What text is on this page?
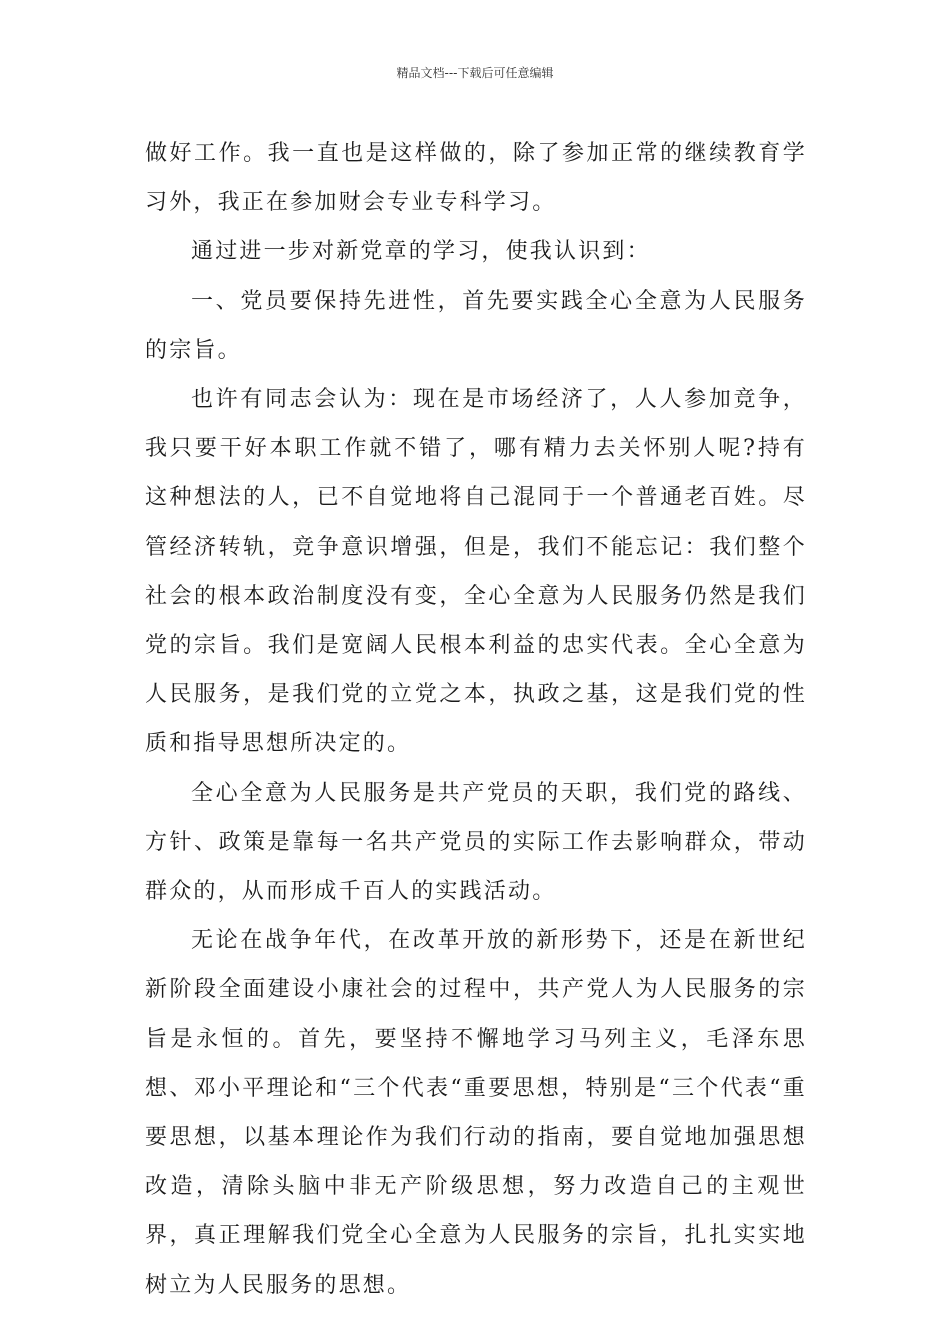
精品文档---下载后可任意编辑

做好工作。我一直也是这样做的，除了参加正常的继续教育学习外，我正在参加财会专业专科学习。

通过进一步对新党章的学习，使我认识到：

一、党员要保持先进性，首先要实践全心全意为人民服务的宗旨。

也许有同志会认为：现在是市场经济了，人人参加竞争，我只要干好本职工作就不错了，哪有精力去关怀别人呢?持有这种想法的人，已不自觉地将自己混同于一个普通老百姓。尽管经济转轨，竞争意识增强，但是，我们不能忘记：我们整个社会的根本政治制度没有变，全心全意为人民服务仍然是我们党的宗旨。我们是宽阔人民根本利益的忠实代表。全心全意为人民服务，是我们党的立党之本，执政之基，这是我们党的性质和指导思想所决定的。

全心全意为人民服务是共产党员的天职，我们党的路线、方针、政策是靠每一名共产党员的实际工作去影响群众，带动群众的，从而形成千百人的实践活动。

无论在战争年代，在改革开放的新形势下，还是在新世纪新阶段全面建设小康社会的过程中，共产党人为人民服务的宗旨是永恒的。首先，要坚持不懈地学习马列主义，毛泽东思想、邓小平理论和“三个代表“重要思想，特别是“三个代表“重要思想，以基本理论作为我们行动的指南，要自觉地加强思想改造，清除头脑中非无产阶级思想，努力改造自己的主观世界，真正理解我们党全心全意为人民服务的宗旨，扎扎实实地树立为人民服务的思想。
